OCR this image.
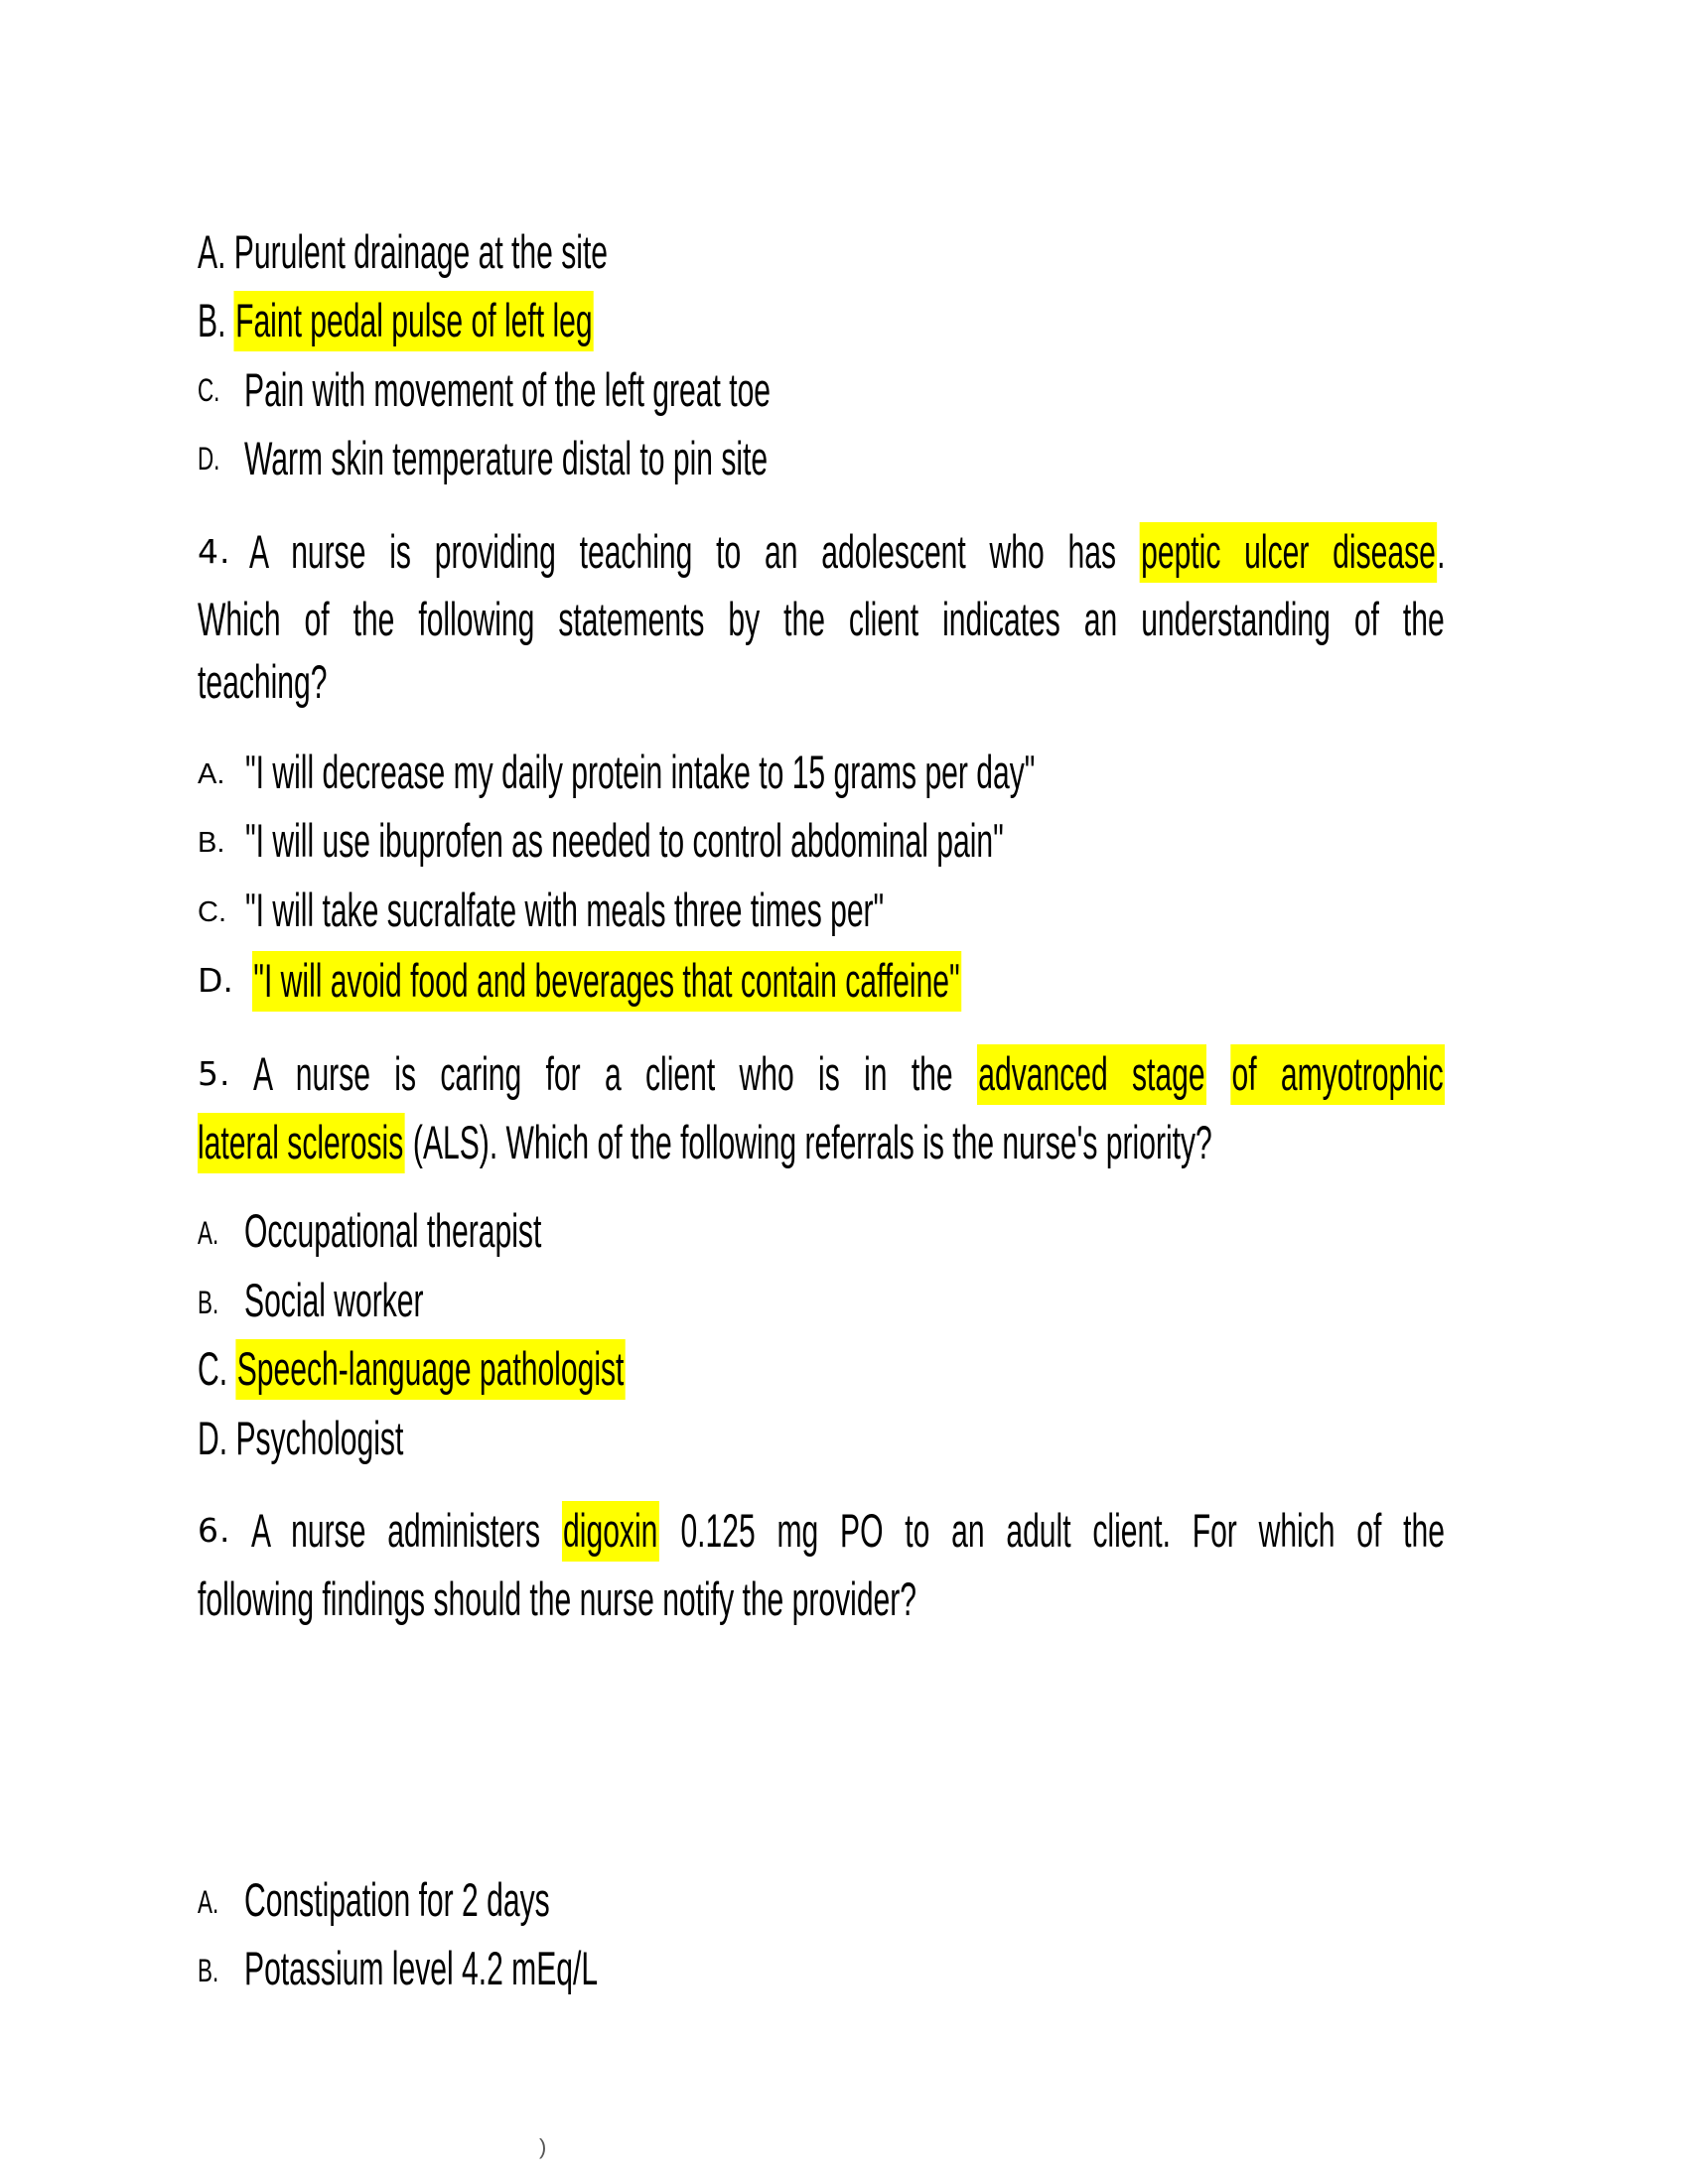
A. Purulent drainage at the site
B. Faint pedal pulse of left leg
C. Pain with movement of the left great toe
D. Warm skin temperature distal to pin site
4. A nurse is providing teaching to an adolescent who has peptic ulcer disease.
Which of the following statements by the client indicates an understanding of the
teaching?
A. "I will decrease my daily protein intake to 15 grams per day"
B. "I will use ibuprofen as needed to control abdominal pain"
C. "I will take sucralfate with meals three times per"
D. "I will avoid food and beverages that contain caffeine"
5. A nurse is caring for a client who is in the advanced stage of amyotrophic
lateral sclerosis (ALS). Which of the following referrals is the nurse's priority?
A. Occupational therapist
B. Social worker
C. Speech-language pathologist
D. Psychologist
6. A nurse administers digoxin 0.125 mg PO to an adult client. For which of the
following findings should the nurse notify the provider?
A. Constipation for 2 days
B. Potassium level 4.2 mEq/L
)
